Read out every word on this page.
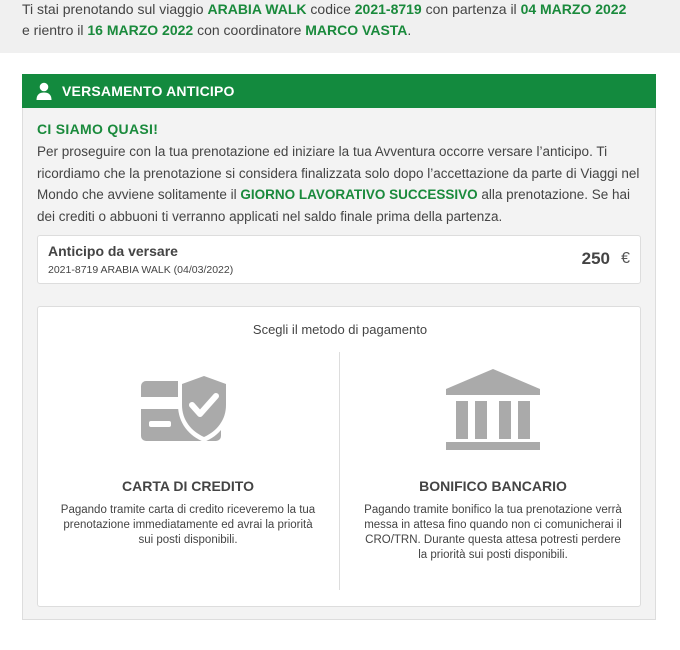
Ti stai prenotando sul viaggio ARABIA WALK codice 2021-8719 con partenza il 04 MARZO 2022
e rientro il 16 MARZO 2022 con coordinatore MARCO VASTA.

VERSAMENTO ANTICIPO
CI SIAMO QUASI!

Per proseguire con la tua prenotazione ed iniziare la tua Avventura occorre versare l’anticipo. Ti ricordiamo che la prenotazione si considera finalizzata solo dopo l’accettazione da parte di Viaggi nel Mondo che avviene solitamente il GIORNO LAVORATIVO SUCCESSIVO alla prenotazione. Se hai dei crediti o abbuoni ti verranno applicati nel saldo finale prima della partenza.

Anticipo da versare
2021-8719 ARABIA WALK (04/03/2022)
250 €
Scegli il metodo di pagamento
CARTA DI CREDITO

Pagando tramite carta di credito riceveremo la tua prenotazione immediatamente ed avrai la priorità sui posti disponibili.

BONIFICO BANCARIO

Pagando tramite bonifico la tua prenotazione verrà messa in attesa fino quando non ci comunicherai il CRO/TRN. Durante questa attesa potresti perdere la priorità sui posti disponibili.
